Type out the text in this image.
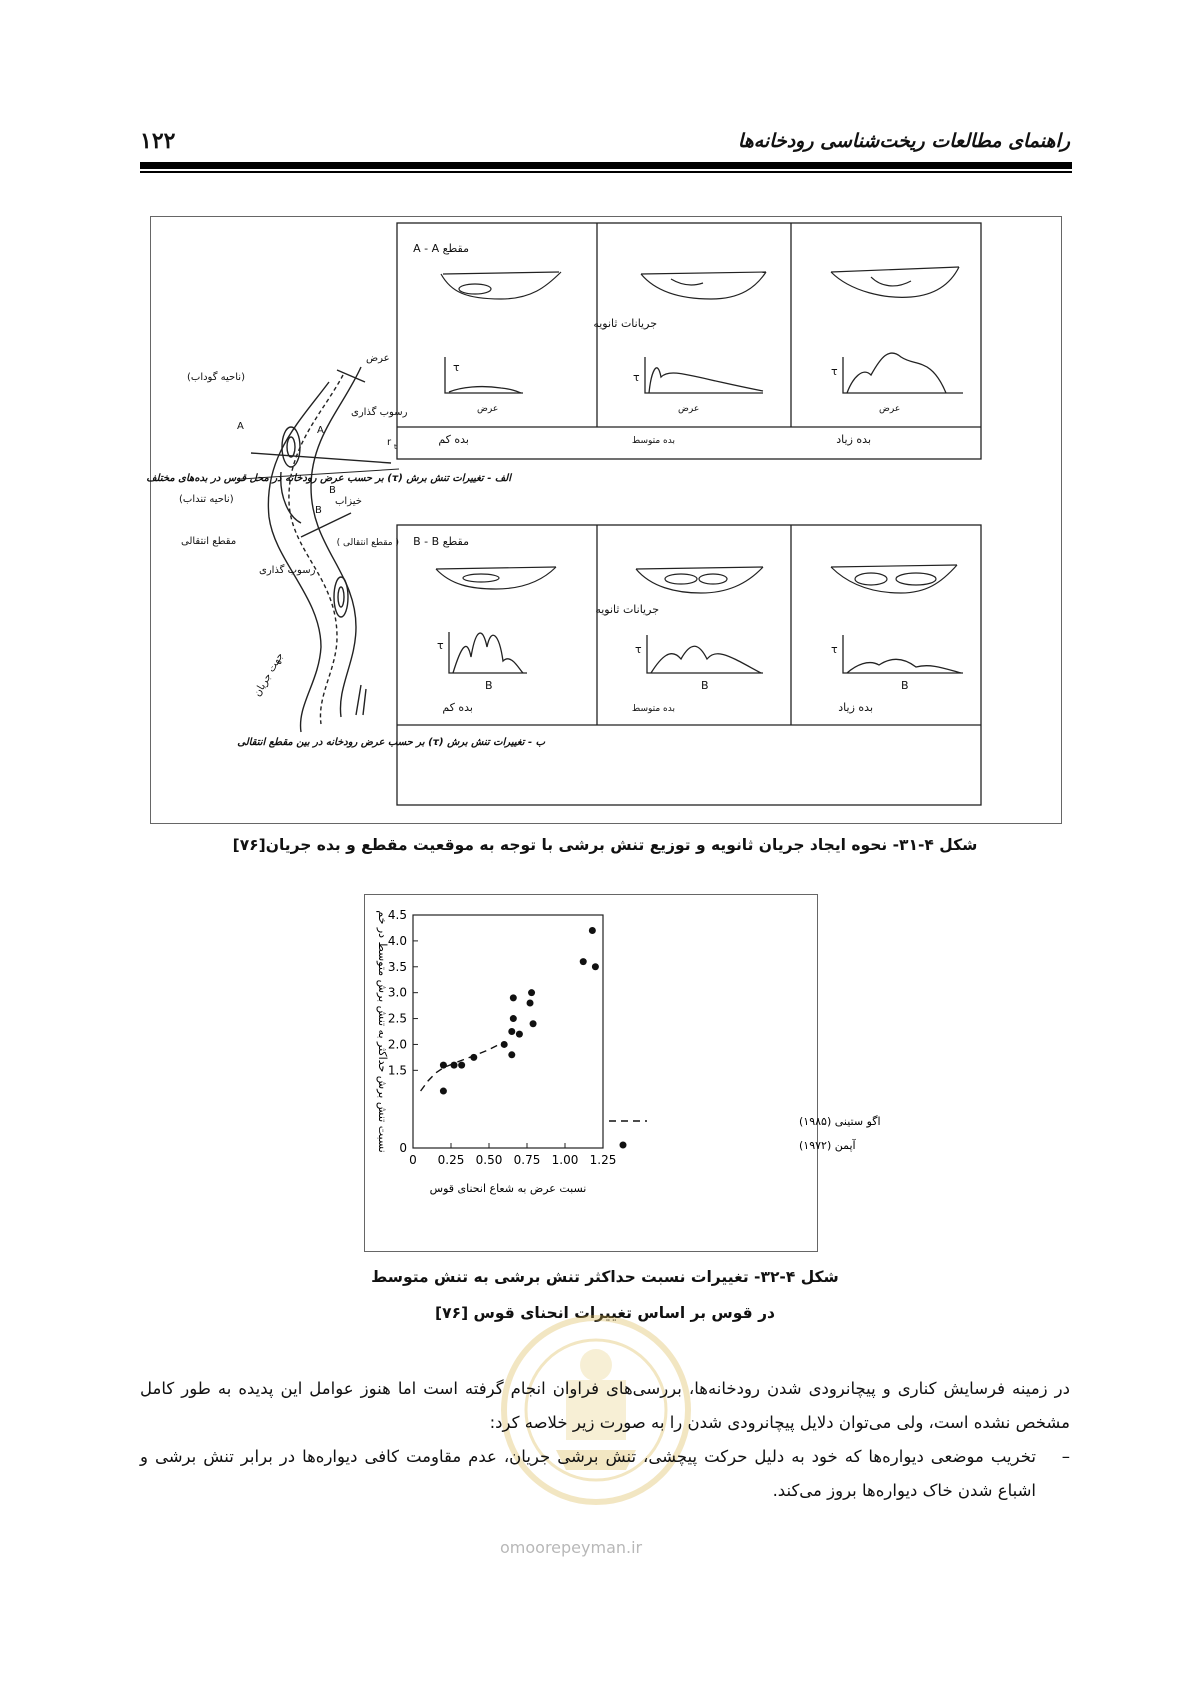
راهنمای مطالعات ریخت‌شناسی رودخانه‌ها
۱۲۲
عرض
(ناحیه گوداب)
رسوب گذاری
A	A
r t
B
B
(ناحیه تنداب)	خیزاب
مقطع انتقالی
رسوب گذاری
جهت جریان
مقطع A - A
جریانات ثانویه
τ
τ	τ
عرض	عرض	عرض
بده کم	بده متوسط	بده زیاد
الف - تغییرات تنش برش (τ) بر حسب عرض رودخانه در محل قوس در بده‌های مختلف
مقطع B - B
( مقطع انتقالی )
جریانات ثانویه
τ	τ	τ
B	B	B
بده کم	بده متوسط	بده زیاد
ب - تغییرات تنش برش (τ) بر حسب عرض رودخانه در بین مقطع انتقالی
شکل ۴-۳۱- نحوه ایجاد جریان ثانویه و توزیع تنش برشی با توجه به موقعیت مقطع و بده جریان[۷۶]
0
1.5
2.0
2.5
3.0
3.5
4.0
4.5
0 0.25 0.50 0.75 1.00 1.25
نسبت عرض به شعاع انحنای قوس
نسبت تنش برش حداکثر به تنش برش متوسط در خم	اگو ستینی (۱۹۸۵)
آپمن (۱۹۷۲)
شکل ۴-۳۲- تغییرات نسبت حداکثر تنش برشی به تنش متوسط
در قوس بر اساس تغییرات انحنای قوس [۷۶]
omoorepeyman.ir
در زمینه فرسایش کناری و پیچانرودی شدن رودخانه‌ها، بررسی‌های فراوان انجام گرفته است اما هنوز عوامل این پدیده به طور کامل مشخص نشده است، ولی می‌توان دلایل پیچانرودی شدن را به صورت زیر خلاصه کرد:
–
تخریب موضعی دیواره‌ها که خود به دلیل حرکت پیچشی، تنش برشی جریان، عدم مقاومت کافی دیواره‌ها در برابر تنش برشی و اشباع شدن خاک دیواره‌ها بروز می‌کند.
